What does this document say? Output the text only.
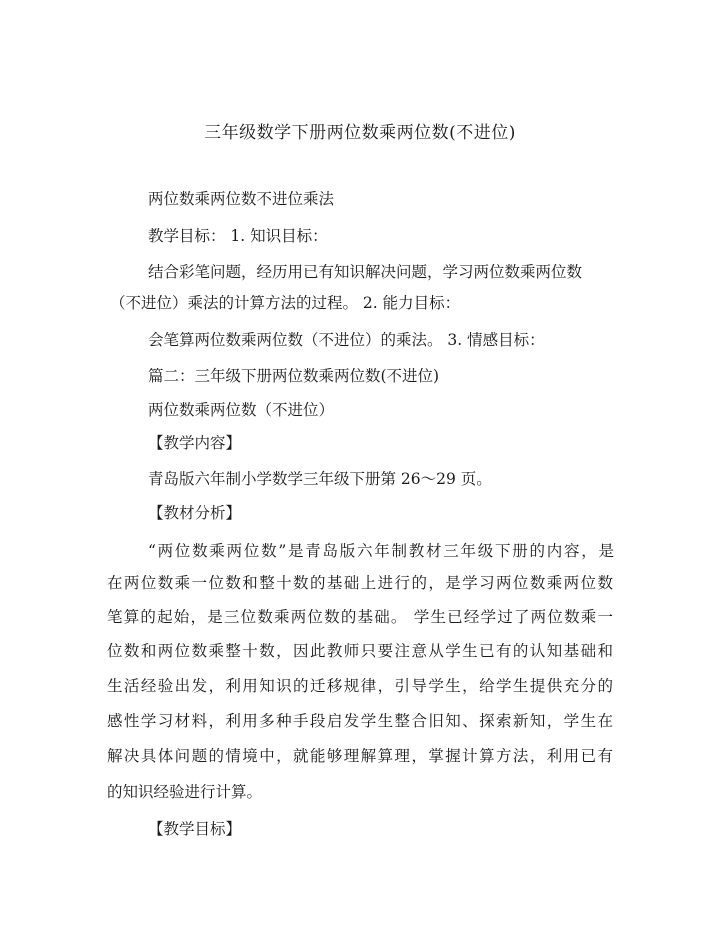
三年级数学下册两位数乘两位数(不进位)

两位数乘两位数不进位乘法

教学目标： 1. 知识目标：

结合彩笔问题，经历用已有知识解决问题，学习两位数乘两位数

（不进位）乘法的计算方法的过程。 2. 能力目标：

会笔算两位数乘两位数（不进位）的乘法。 3. 情感目标：

篇二：三年级下册两位数乘两位数(不进位)

两位数乘两位数（不进位）

【教学内容】

青岛版六年制小学数学三年级下册第 26～29 页。

【教材分析】

“两位数乘两位数”是青岛版六年制教材三年级下册的内容，是

在两位数乘一位数和整十数的基础上进行的，是学习两位数乘两位数

笔算的起始，是三位数乘两位数的基础。 学生已经学过了两位数乘一

位数和两位数乘整十数，因此教师只要注意从学生已有的认知基础和

生活经验出发，利用知识的迁移规律，引导学生，给学生提供充分的

感性学习材料，利用多种手段启发学生整合旧知、探索新知，学生在

解决具体问题的情境中，就能够理解算理，掌握计算方法，利用已有

的知识经验进行计算。

【教学目标】
